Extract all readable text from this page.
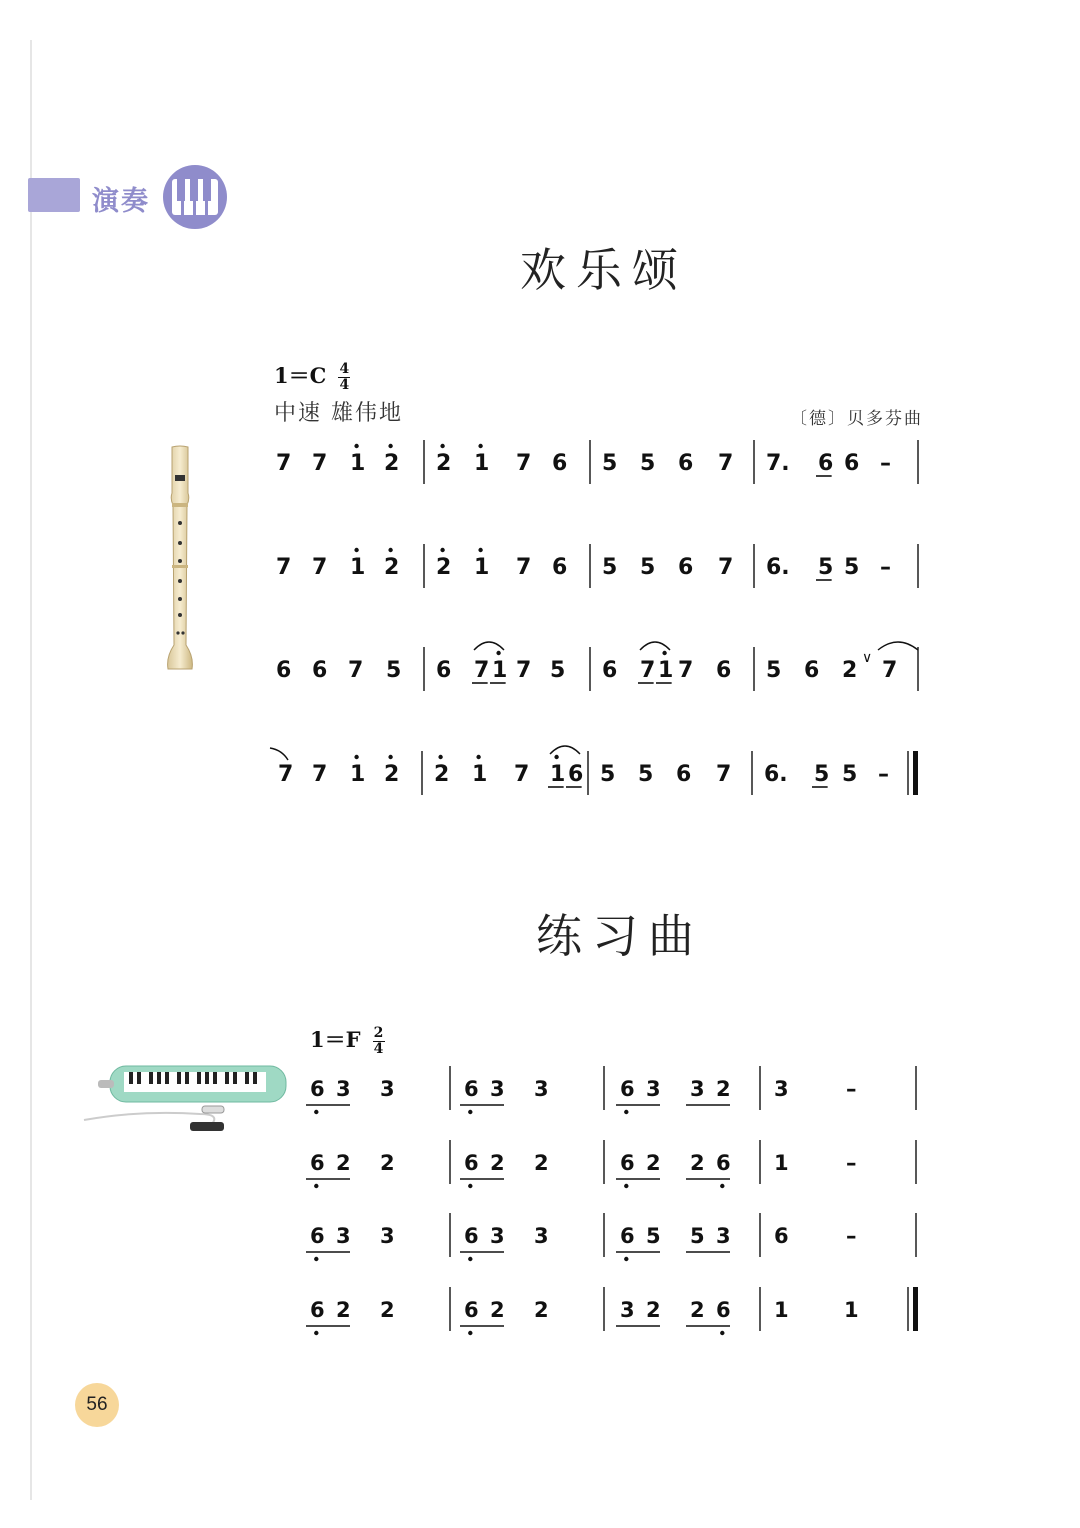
演奏
欢乐颂
$1=C \frac{4}{4}$
中速 雄伟地	〔德〕贝多芬曲
练习曲
$1=F \frac{2}{4}$
7 7 1 2 2 1 7 6 5 5 6 7 7. 6 6 –
7 7 1 2 2 1 7 6 5 5 6 7 6. 5 5 –
6 6 7 5 6 7 1 7 5 6 7 1 7 6 5 6 2 7
7 7 1 2 2 1 7 1 6 5 5 6 7 6. 5 5 –
6 3 3	6 3 3	6 3 3 2 3	–
6 2 2	6 2 2	6 2 2 6 1	–
6 3 3	6 3 3	6 5 5 3 6	–
6 2 2	6 2 2	3 2 2 6 1	1
∨
56
